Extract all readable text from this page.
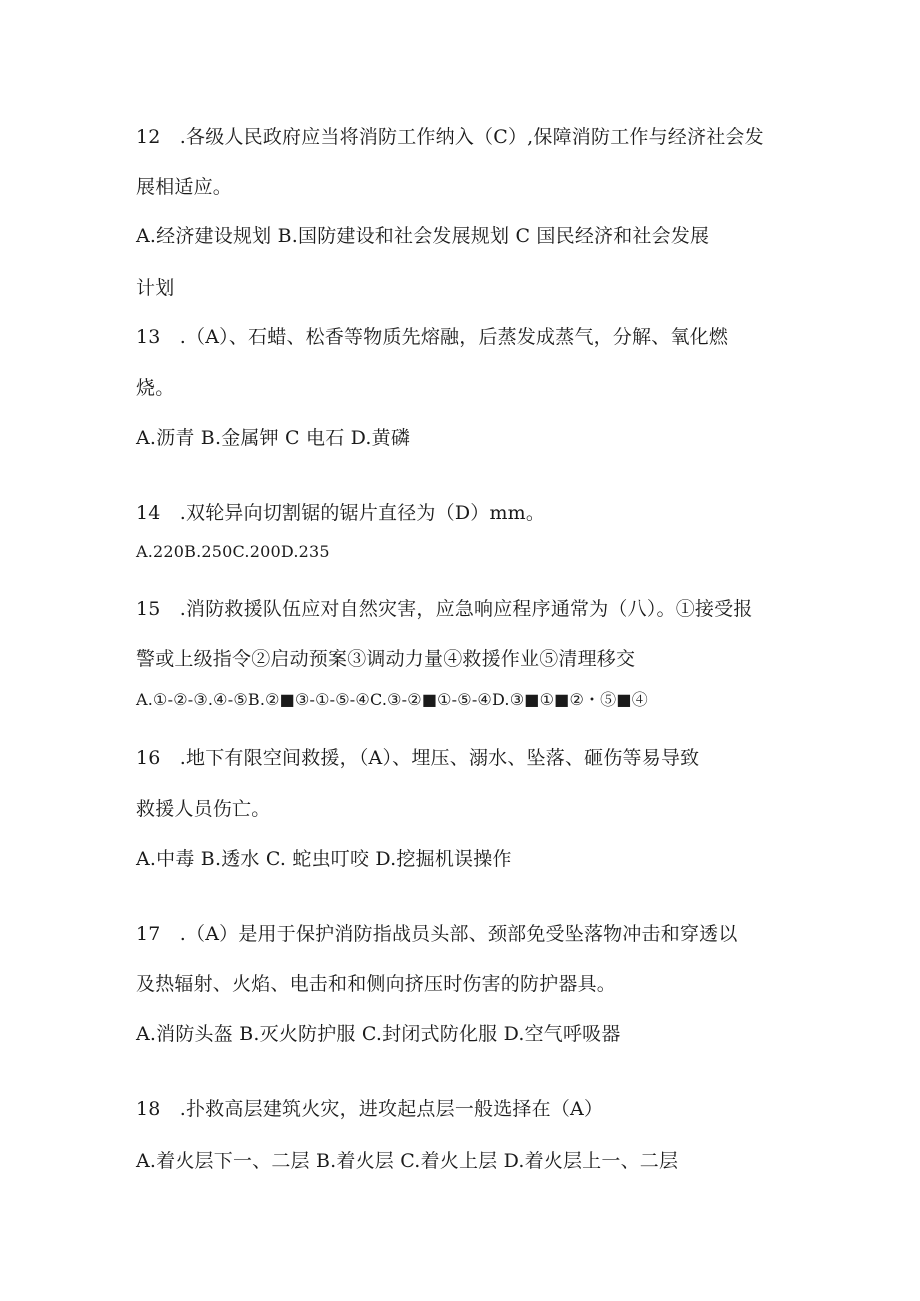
12　.各级人民政府应当将消防工作纳入（C）,保障消防工作与经济社会发
展相适应。
A.经济建设规划 B.国防建设和社会发展规划 C 国民经济和社会发展
计划
13　.（A）、石蜡、松香等物质先熔融，后蒸发成蒸气，分解、氧化燃
烧。
A.沥青 B.金属钾 C 电石 D.黄磷
14　.双轮异向切割锯的锯片直径为（D）mm。
A.220B.250C.200D.235
15　.消防救援队伍应对自然灾害，应急响应程序通常为（八）。①接受报
警或上级指令②启动预案③调动力量④救援作业⑤清理移交
A.①-②-③.④-⑤B.②■③-①-⑤-④C.③-②■①-⑤-④D.③■①■②・⑤■④
16　.地下有限空间救援，（A）、埋压、溺水、坠落、砸伤等易导致
救援人员伤亡。
A.中毒 B.透水 C. 蛇虫叮咬 D.挖掘机误操作
17　.（A）是用于保护消防指战员头部、颈部免受坠落物冲击和穿透以
及热辐射、火焰、电击和和侧向挤压时伤害的防护器具。
A.消防头盔 B.灭火防护服 C.封闭式防化服 D.空气呼吸器
18　.扑救高层建筑火灾，进攻起点层一般选择在（A）
A.着火层下一、二层 B.着火层 C.着火上层 D.着火层上一、二层
